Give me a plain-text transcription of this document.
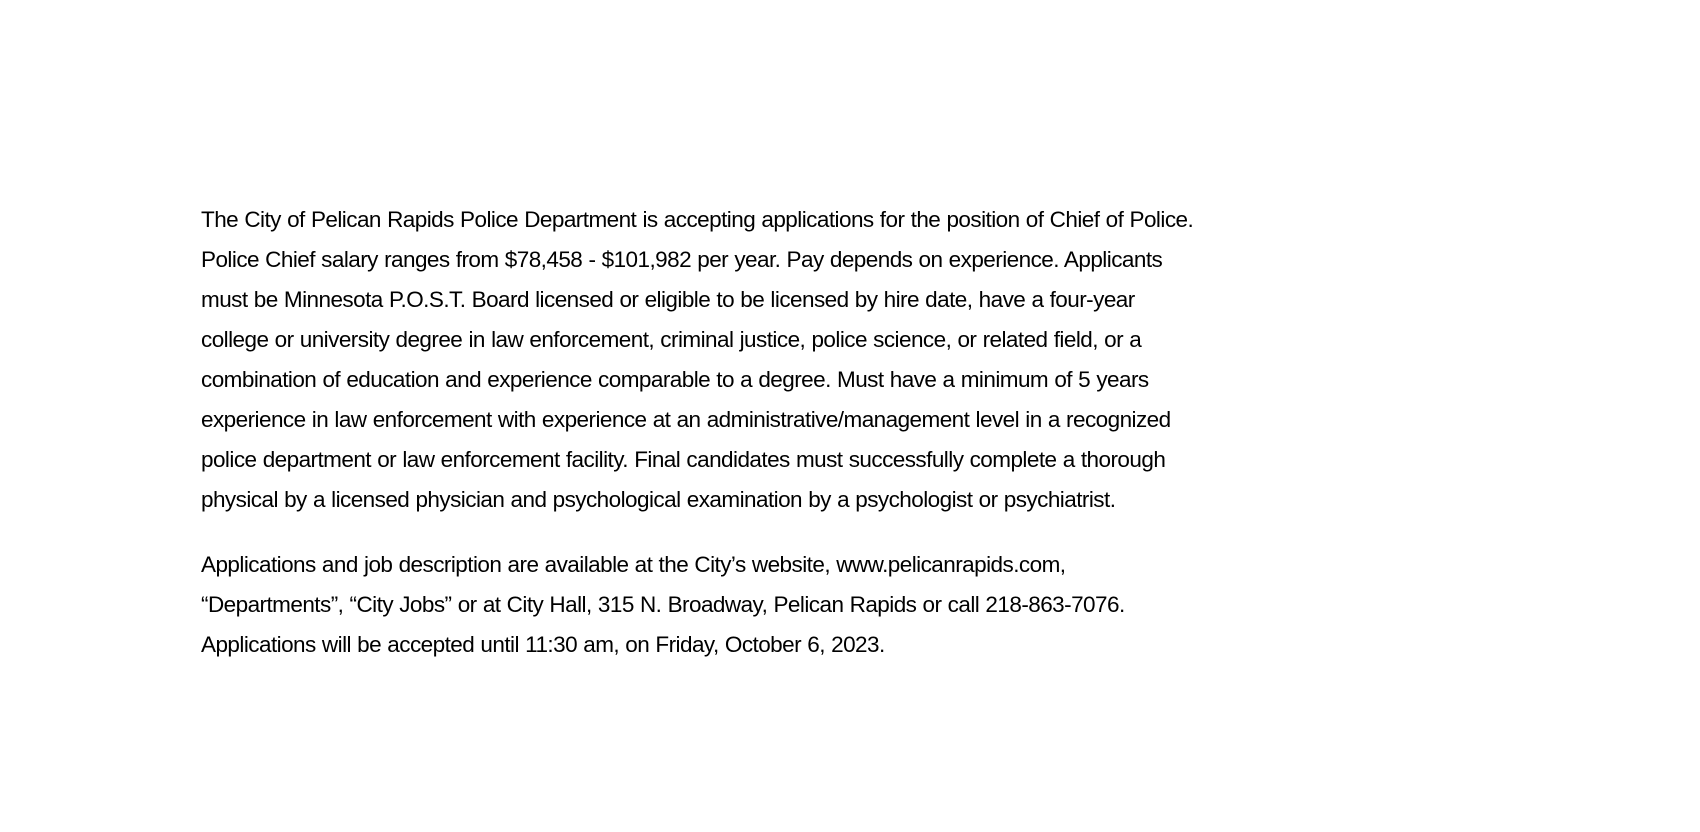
The City of Pelican Rapids Police Department is accepting applications for the position of Chief of Police.
Police Chief salary ranges from $78,458 - $101,982 per year. Pay depends on experience. Applicants
must be Minnesota P.O.S.T. Board licensed or eligible to be licensed by hire date, have a four-year
college or university degree in law enforcement, criminal justice, police science, or related field, or a
combination of education and experience comparable to a degree. Must have a minimum of 5 years
experience in law enforcement with experience at an administrative/management level in a recognized
police department or law enforcement facility. Final candidates must successfully complete a thorough
physical by a licensed physician and psychological examination by a psychologist or psychiatrist.

Applications and job description are available at the City’s website, www.pelicanrapids.com,
“Departments”, “City Jobs” or at City Hall, 315 N. Broadway, Pelican Rapids or call 218-863-7076.
Applications will be accepted until 11:30 am, on Friday, October 6, 2023.
